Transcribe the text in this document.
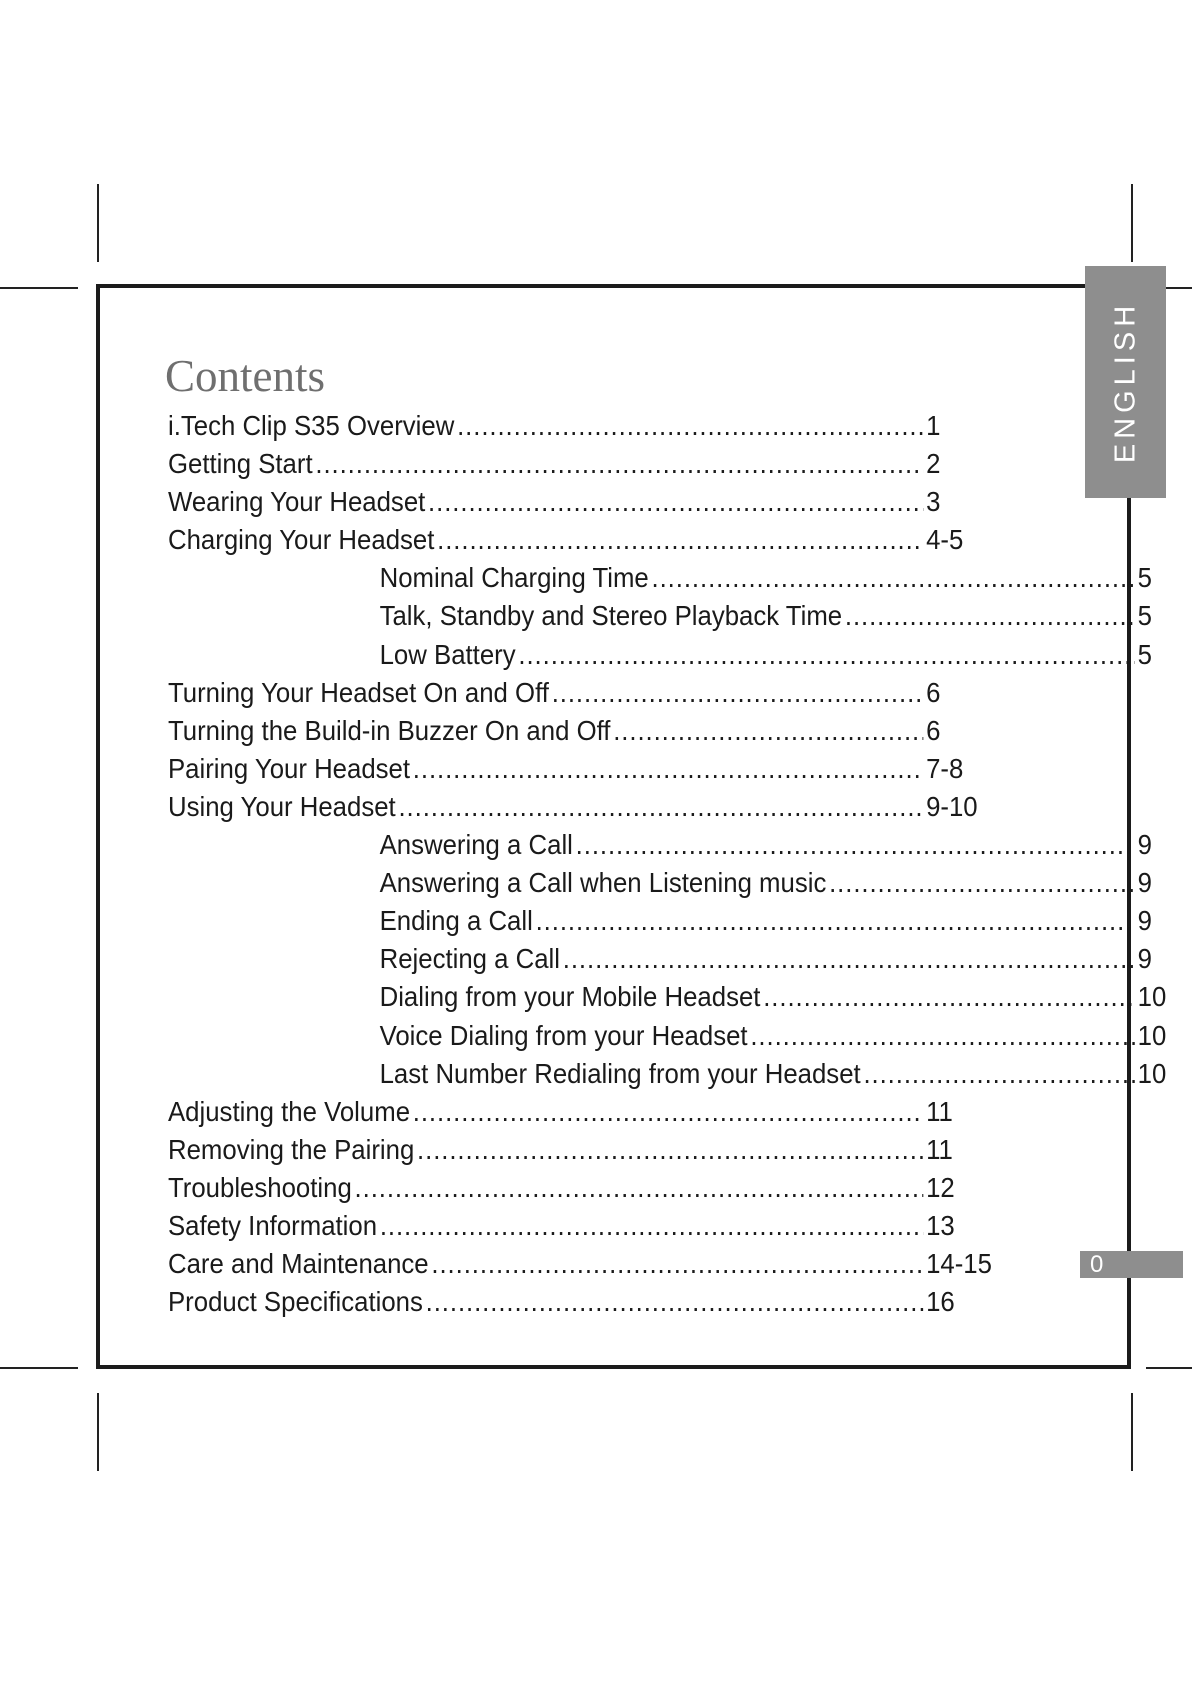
ENGLISH
0
Contents
i.Tech Clip S35 Overview .....	1
Getting Start .....	2
Wearing Your Headset .....	3
Charging Your Headset .....	4-5
Nominal Charging Time .....	5
Talk, Standby and Stereo Playback Time .....	5
Low Battery .....	5
Turning Your Headset On and Off .....	6
Turning the Build-in Buzzer On and Off .....	6
Pairing Your Headset .....	7-8
Using Your Headset .....	9-10
Answering a Call .....	9
Answering a Call when Listening music .....	9
Ending a Call .....	9
Rejecting a Call .....	9
Dialing from your Mobile Headset .....	10
Voice Dialing from your Headset .....	10
Last Number Redialing from your Headset .....	10
Adjusting the Volume .....	11
Removing the Pairing .....	11
Troubleshooting .....	12
Safety Information .....	13
Care and Maintenance .....	14-15
Product Specifications .....	16
